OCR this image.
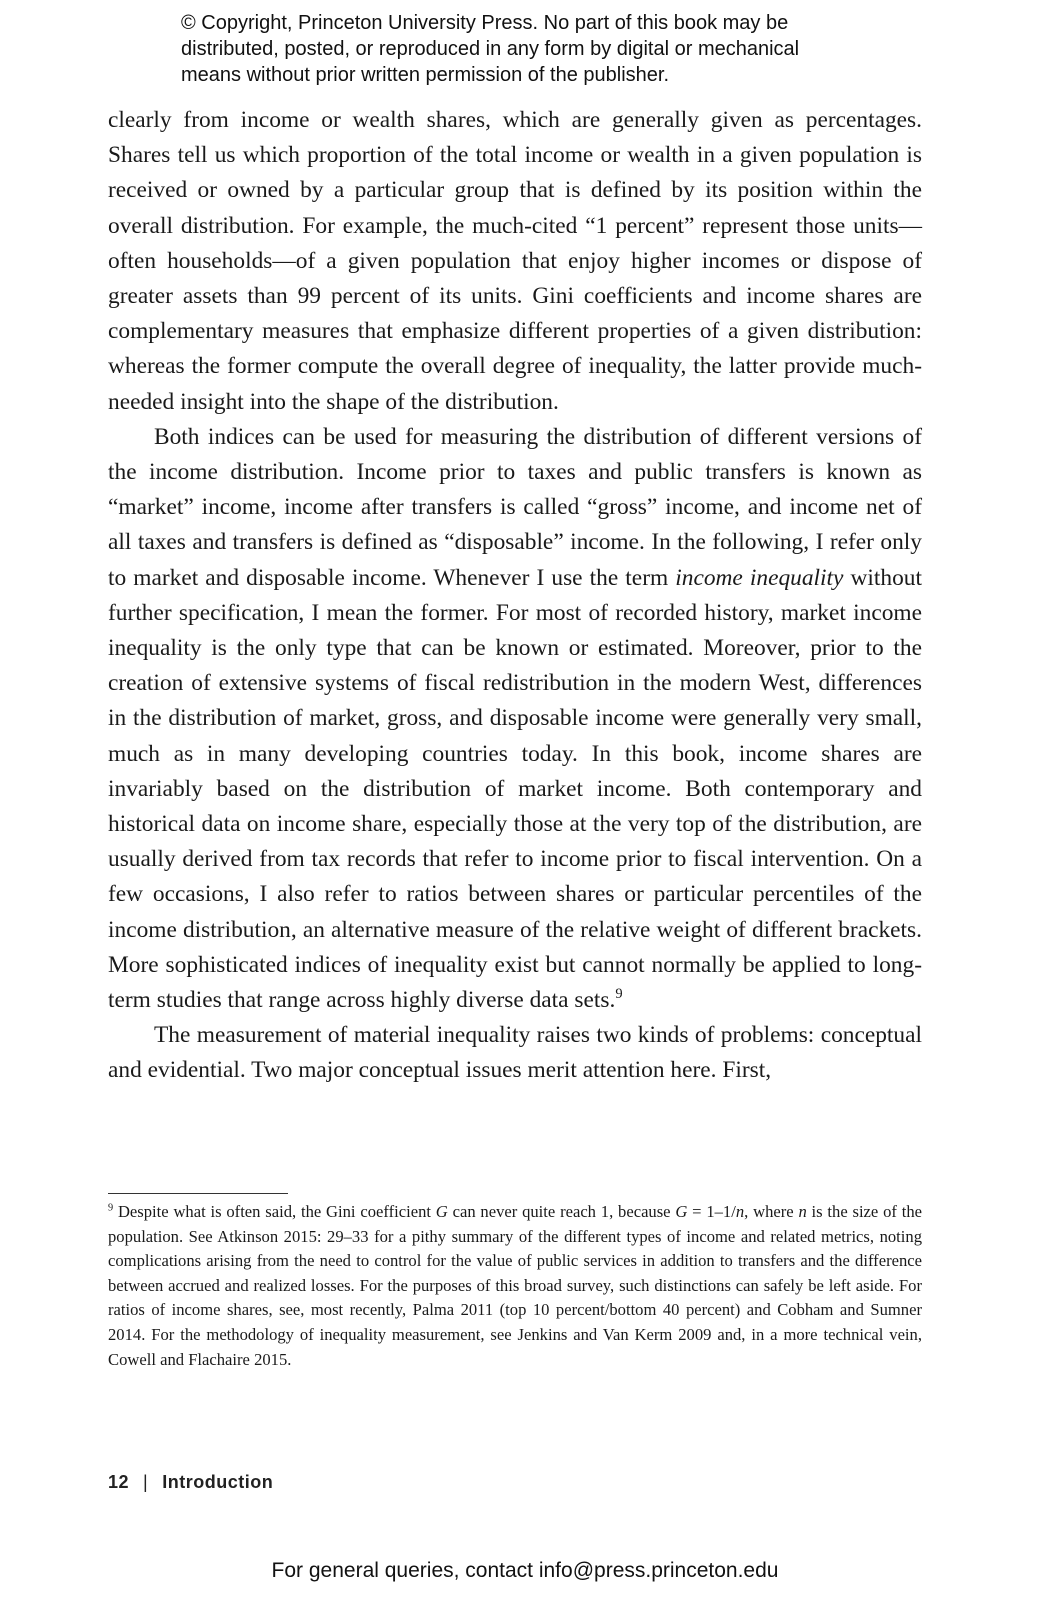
© Copyright, Princeton University Press. No part of this book may be
distributed, posted, or reproduced in any form by digital or mechanical
means without prior written permission of the publisher.

clearly from income or wealth shares, which are generally given as percentages. Shares tell us which proportion of the total income or wealth in a given population is received or owned by a particular group that is defined by its position within the overall distribution. For example, the much-cited “1 percent” represent those units—often households—of a given population that enjoy higher incomes or dispose of greater assets than 99 percent of its units. Gini coefficients and income shares are complementary measures that emphasize different properties of a given distribution: whereas the former compute the overall degree of inequality, the latter provide much-needed insight into the shape of the distribution.

Both indices can be used for measuring the distribution of different versions of the income distribution. Income prior to taxes and public transfers is known as “market” income, income after transfers is called “gross” income, and income net of all taxes and transfers is defined as “disposable” income. In the following, I refer only to market and disposable income. Whenever I use the term income inequality without further specification, I mean the former. For most of recorded history, market income inequality is the only type that can be known or estimated. Moreover, prior to the creation of extensive systems of fiscal redistribution in the modern West, differences in the distribution of market, gross, and disposable income were generally very small, much as in many developing countries today. In this book, income shares are invariably based on the distribution of market income. Both contemporary and historical data on income share, especially those at the very top of the distribution, are usually derived from tax records that refer to income prior to fiscal intervention. On a few occasions, I also refer to ratios between shares or particular percentiles of the income distribution, an alternative measure of the relative weight of different brackets. More sophisticated indices of inequality exist but cannot normally be applied to long-term studies that range across highly diverse data sets.$^9$

The measurement of material inequality raises two kinds of problems: conceptual and evidential. Two major conceptual issues merit attention here. First,

$^9$ Despite what is often said, the Gini coefficient G can never quite reach 1, because G = 1–1/n, where n is the size of the population. See Atkinson 2015: 29–33 for a pithy summary of the different types of income and related metrics, noting complications arising from the need to control for the value of public services in addition to transfers and the difference between accrued and realized losses. For the purposes of this broad survey, such distinctions can safely be left aside. For ratios of income shares, see, most recently, Palma 2011 (top 10 percent/bottom 40 percent) and Cobham and Sumner 2014. For the methodology of inequality measurement, see Jenkins and Van Kerm 2009 and, in a more technical vein, Cowell and Flachaire 2015.
12 | Introduction
For general queries, contact info@press.princeton.edu
